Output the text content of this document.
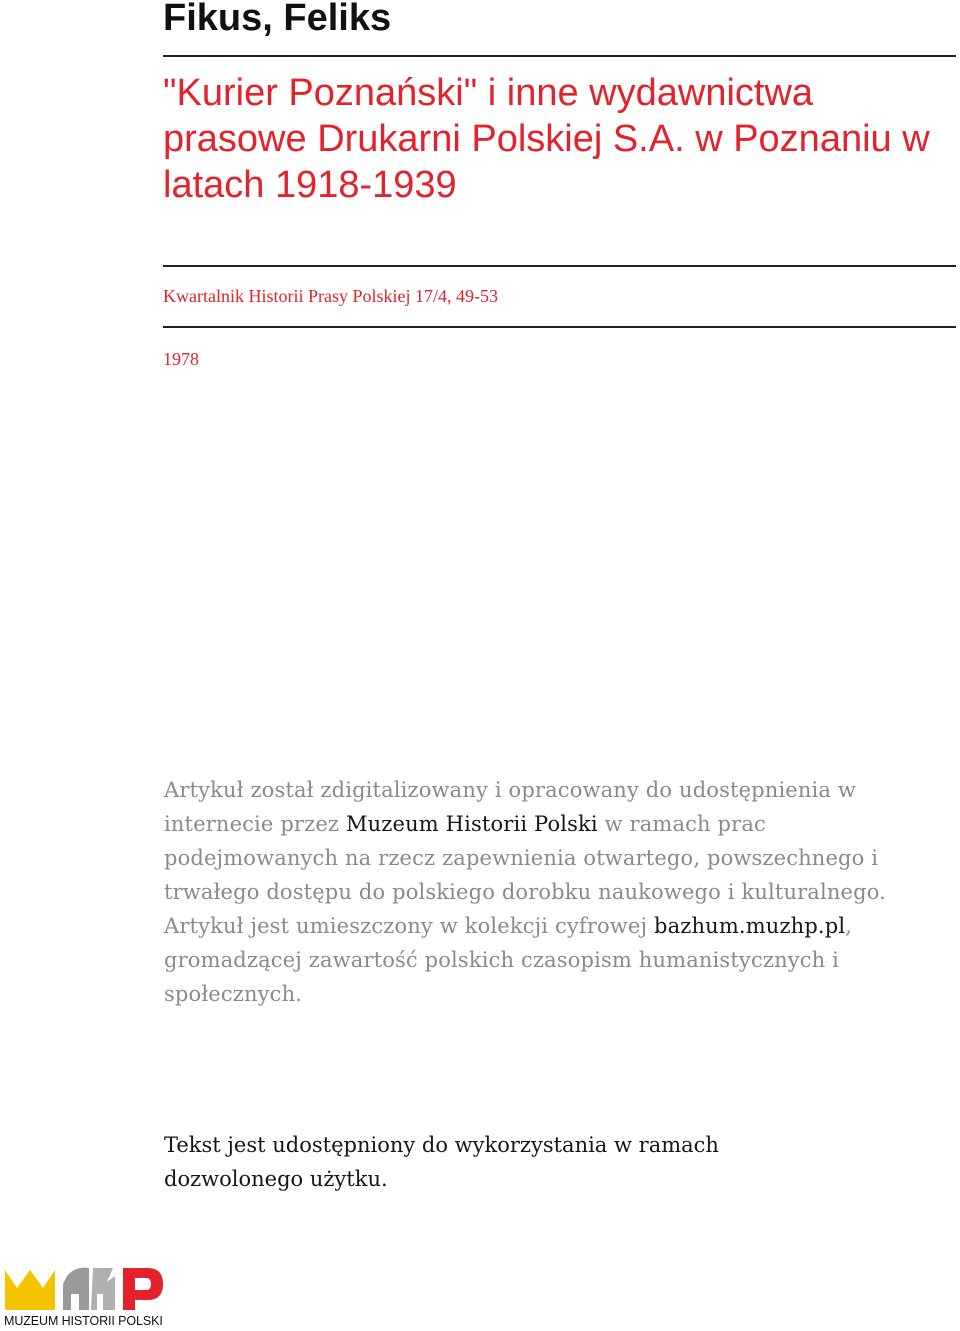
Fikus, Feliks
"Kurier Poznański" i inne wydawnictwa prasowe Drukarni Polskiej S.A. w Poznaniu w latach 1918-1939
Kwartalnik Historii Prasy Polskiej 17/4, 49-53
1978

Artykuł został zdigitalizowany i opracowany do udostępnienia w internecie przez Muzeum Historii Polski w ramach prac podejmowanych na rzecz zapewnienia otwartego, powszechnego i trwałego dostępu do polskiego dorobku naukowego i kulturalnego. Artykuł jest umieszczony w kolekcji cyfrowej bazhum.muzhp.pl, gromadzącej zawartość polskich czasopism humanistycznych i społecznych.

Tekst jest udostępniony do wykorzystania w ramach dozwolonego użytku.

MUZEUM HISTORII POLSKI
